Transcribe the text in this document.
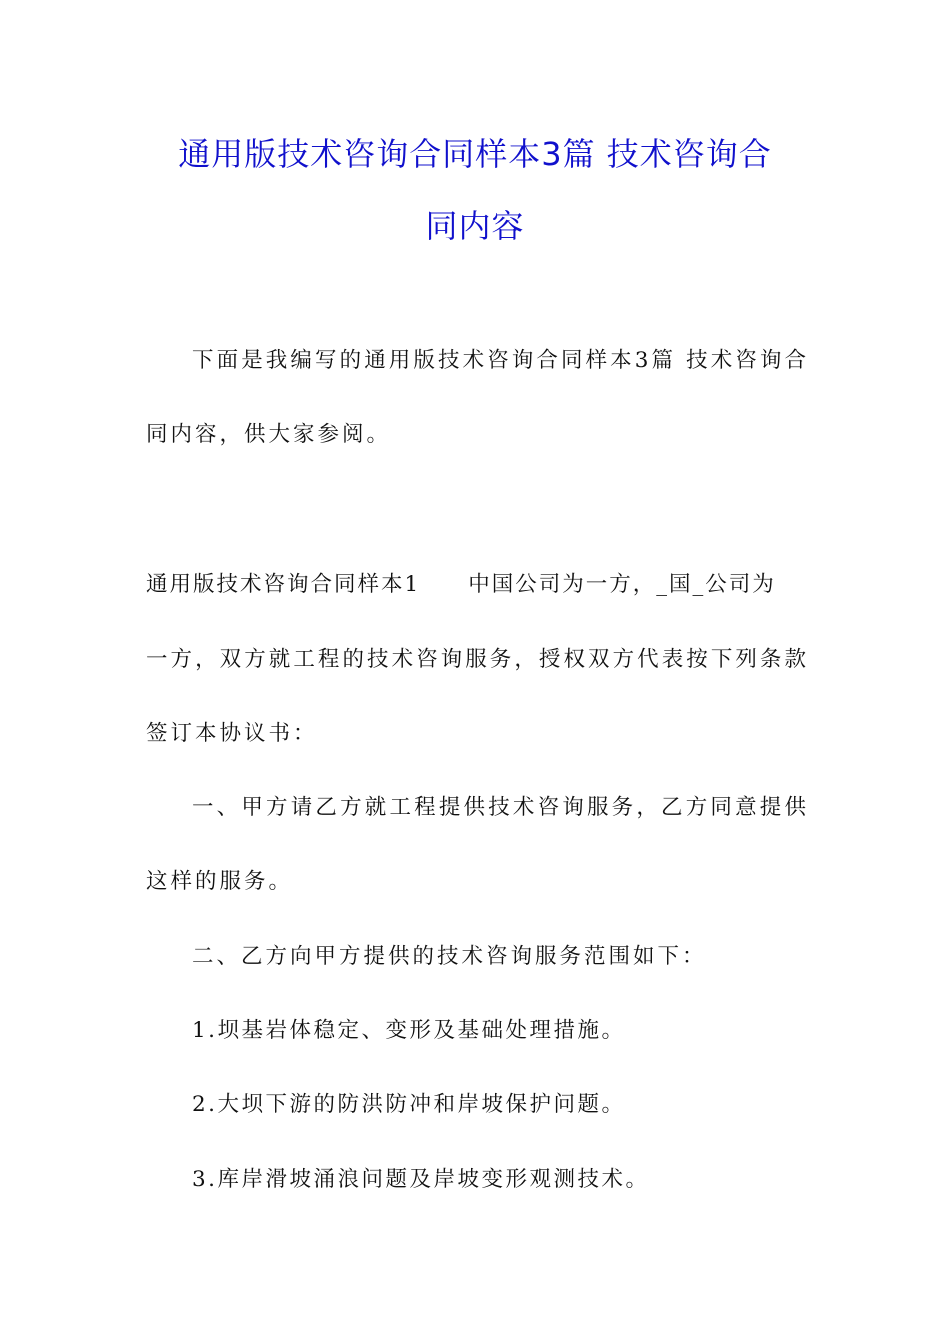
通用版技术咨询合同样本3篇 技术咨询合
同内容
下面是我编写的通用版技术咨询合同样本3篇 技术咨询合
同内容，供大家参阅。
通用版技术咨询合同样本1 中国公司为一方，_国_公司为
一方，双方就工程的技术咨询服务，授权双方代表按下列条款
签订本协议书：
一、甲方请乙方就工程提供技术咨询服务，乙方同意提供
这样的服务。
二、乙方向甲方提供的技术咨询服务范围如下：
1.坝基岩体稳定、变形及基础处理措施。
2.大坝下游的防洪防冲和岸坡保护问题。
3.库岸滑坡涌浪问题及岸坡变形观测技术。
